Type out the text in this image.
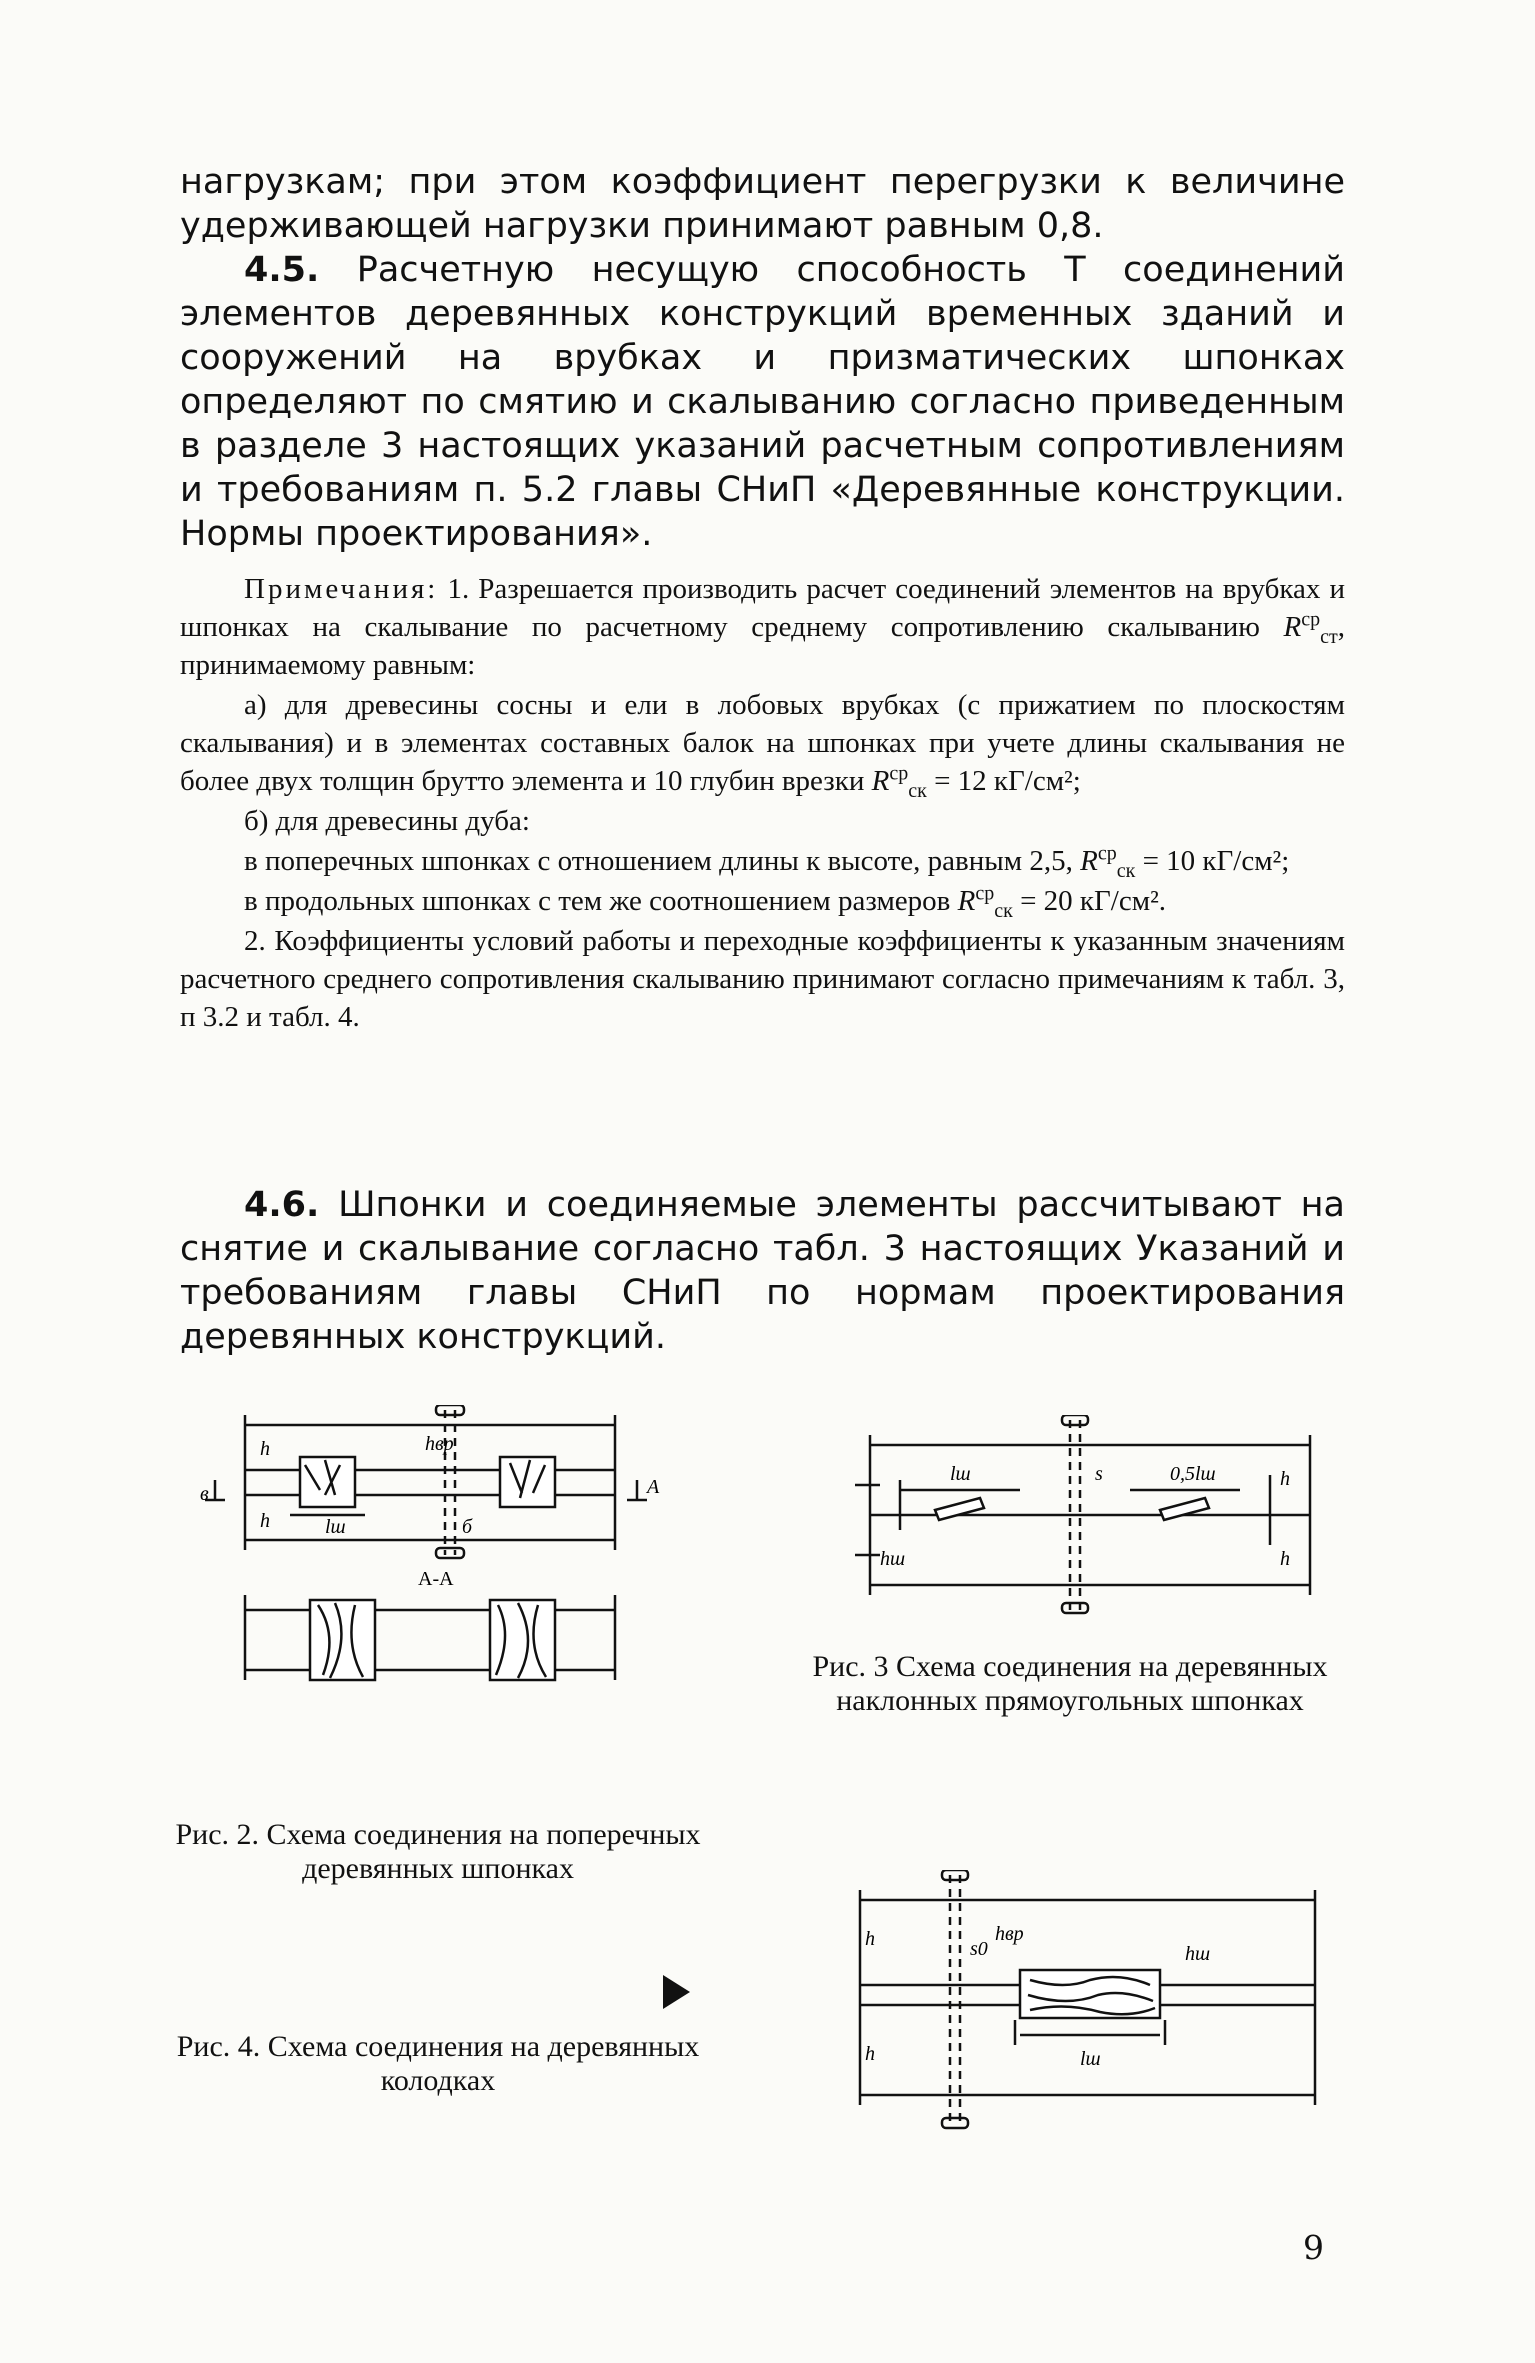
нагрузкам; при этом коэффициент перегрузки к величине удерживающей нагрузки принимают равным 0,8.

4.5. Расчетную несущую способность T соединений элементов деревянных конструкций временных зданий и сооружений на врубках и призматических шпонках определяют по смятию и скалыванию согласно приведенным в разделе 3 настоящих указаний расчетным сопротивлениям и требованиям п. 5.2 главы СНиП «Деревянные конструкции. Нормы проектирования».

Примечания: 1. Разрешается производить расчет соединений элементов на врубках и шпонках на скалывание по расчетному среднему сопротивлению скалыванию $R^{ср}_{ст}$, принимаемому равным:

а) для древесины сосны и ели в лобовых врубках (с прижатием по плоскостям скалывания) и в элементах составных балок на шпонках при учете длины скалывания не более двух толщин брутто элемента и 10 глубин врезки $R^{ср}_{ск} = 12$ кГ/см²;

б) для древесины дуба:

в поперечных шпонках с отношением длины к высоте, равным 2,5, $R^{ср}_{ск} = 10$ кГ/см²;

в продольных шпонках с тем же соотношением размеров $R^{ср}_{ск} = 20$ кГ/см².

2. Коэффициенты условий работы и переходные коэффициенты к указанным значениям расчетного среднего сопротивления скалыванию принимают согласно примечаниям к табл. 3, п 3.2 и табл. 4.

4.6. Шпонки и соединяемые элементы рассчитывают на снятие и скалывание согласно табл. 3 настоящих Указаний и требованиям главы СНиП по нормам проектирования деревянных конструкций.

в	А
h
h
hвр
lш	б
А-А
Рис. 2. Схема соединения на поперечных деревянных шпонках
lш	s	0,5lш	h
h
hш
Рис. 3 Схема соединения на деревянных наклонных прямоугольных шпонках
h
h
s0
hвр
hш
lш
Рис. 4. Схема соединения на деревянных колодках
9
